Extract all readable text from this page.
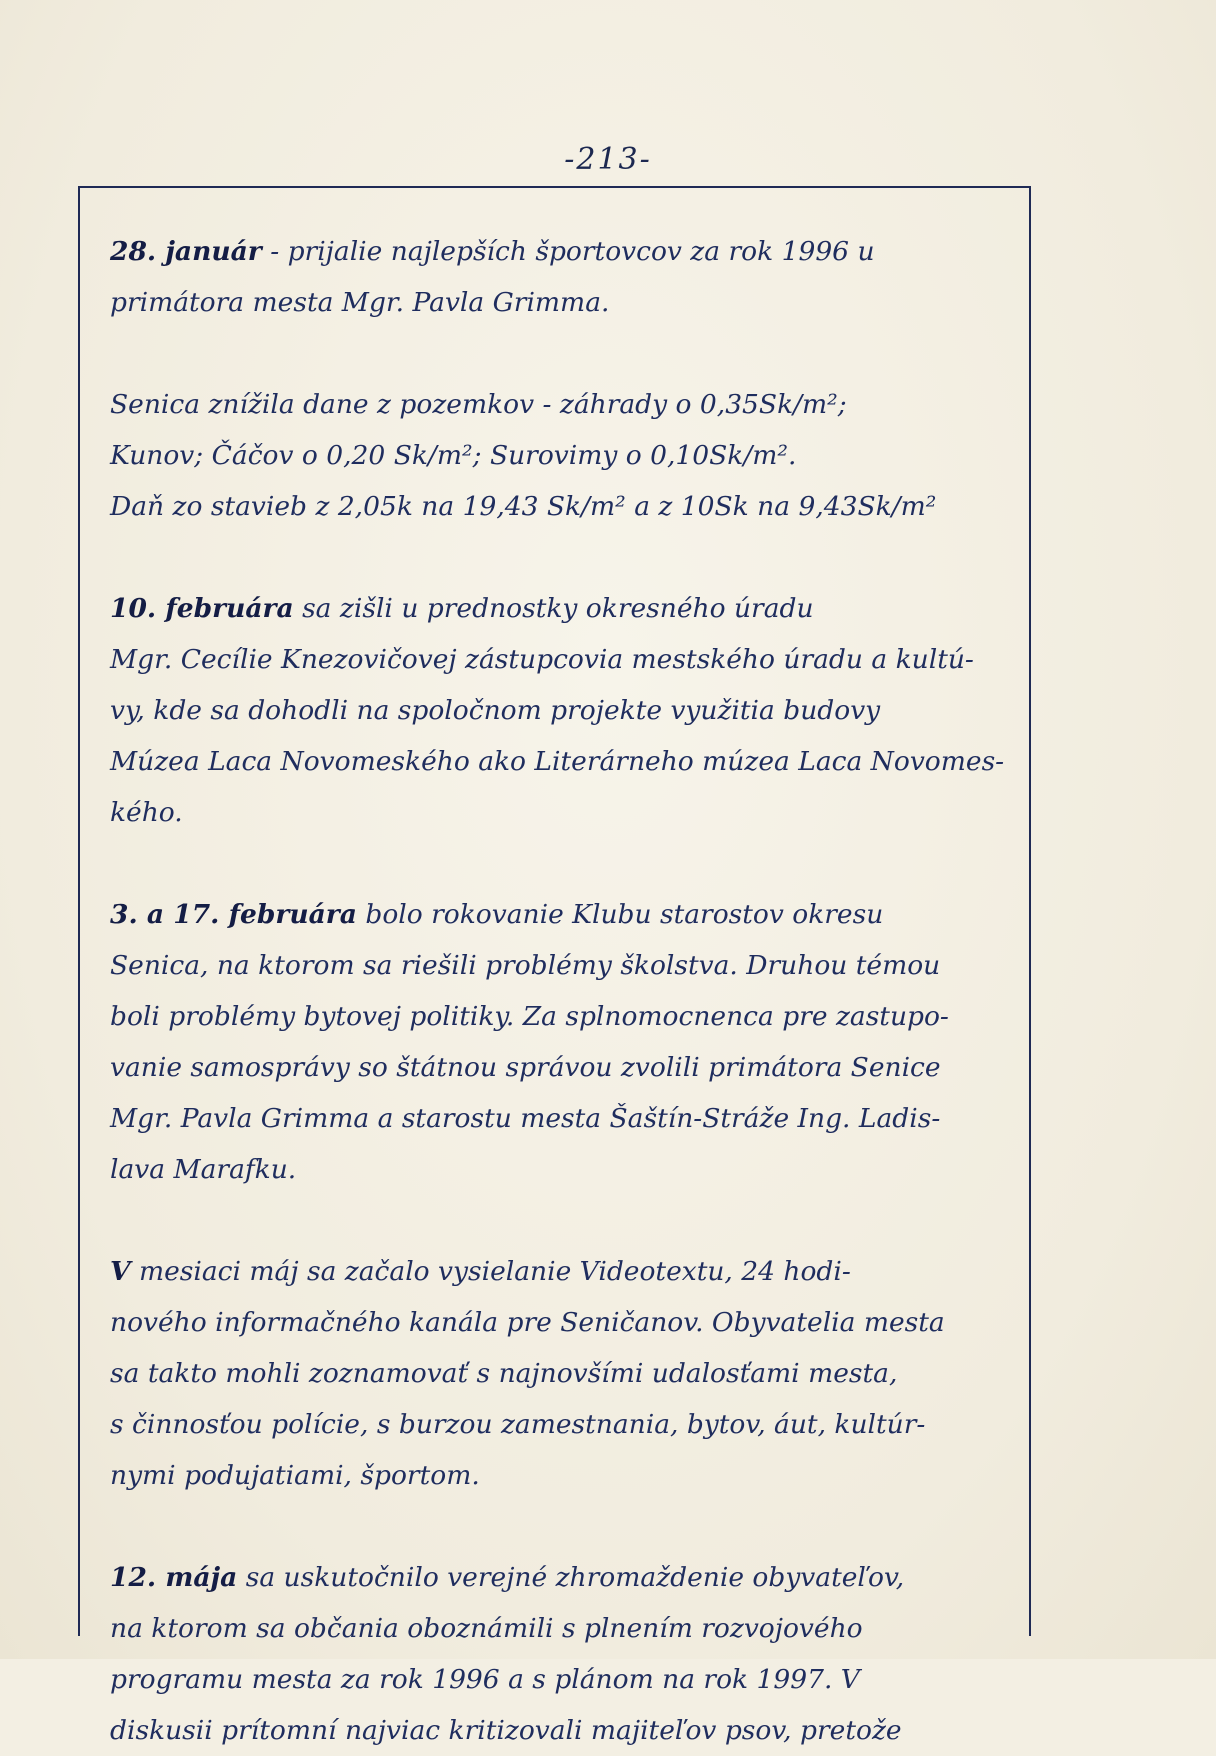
-213-
28. január - prijalie najlepších športovcov za rok 1996 u
primátora mesta Mgr. Pavla Grimma.
Senica znížila dane z pozemkov - záhrady o 0,35Sk/m²;
Kunov; Čáčov o 0,20 Sk/m²; Surovimy o 0,10Sk/m².
Daň zo stavieb z 2,05k na 19,43 Sk/m² a z 10Sk na 9,43Sk/m²
10. februára sa zišli u prednostky okresného úradu
Mgr. Cecílie Knezovičovej zástupcovia mestského úradu a kultú-
vy, kde sa dohodli na spoločnom projekte využitia budovy
Múzea Laca Novomeského ako Literárneho múzea Laca Novomes-
kého.
3. a 17. februára bolo rokovanie Klubu starostov okresu
Senica, na ktorom sa riešili problémy školstva. Druhou témou
boli problémy bytovej politiky. Za splnomocnenca pre zastupo-
vanie samosprávy so štátnou správou zvolili primátora Senice
Mgr. Pavla Grimma a starostu mesta Šaštín-Stráže Ing. Ladis-
lava Marafku.
V mesiaci máj sa začalo vysielanie Videotextu, 24 hodi-
nového informačného kanála pre Seničanov. Obyvatelia mesta
sa takto mohli zoznamovať s najnovšími udalosťami mesta,
s činnosťou polície, s burzou zamestnania, bytov, áut, kultúr-
nymi podujatiami, športom.
12. mája sa uskutočnilo verejné zhromaždenie obyvateľov,
na ktorom sa občania oboznámili s plnením rozvojového
programu mesta za rok 1996 a s plánom na rok 1997. V
diskusii prítomní najviac kritizovali majiteľov psov, pretože
